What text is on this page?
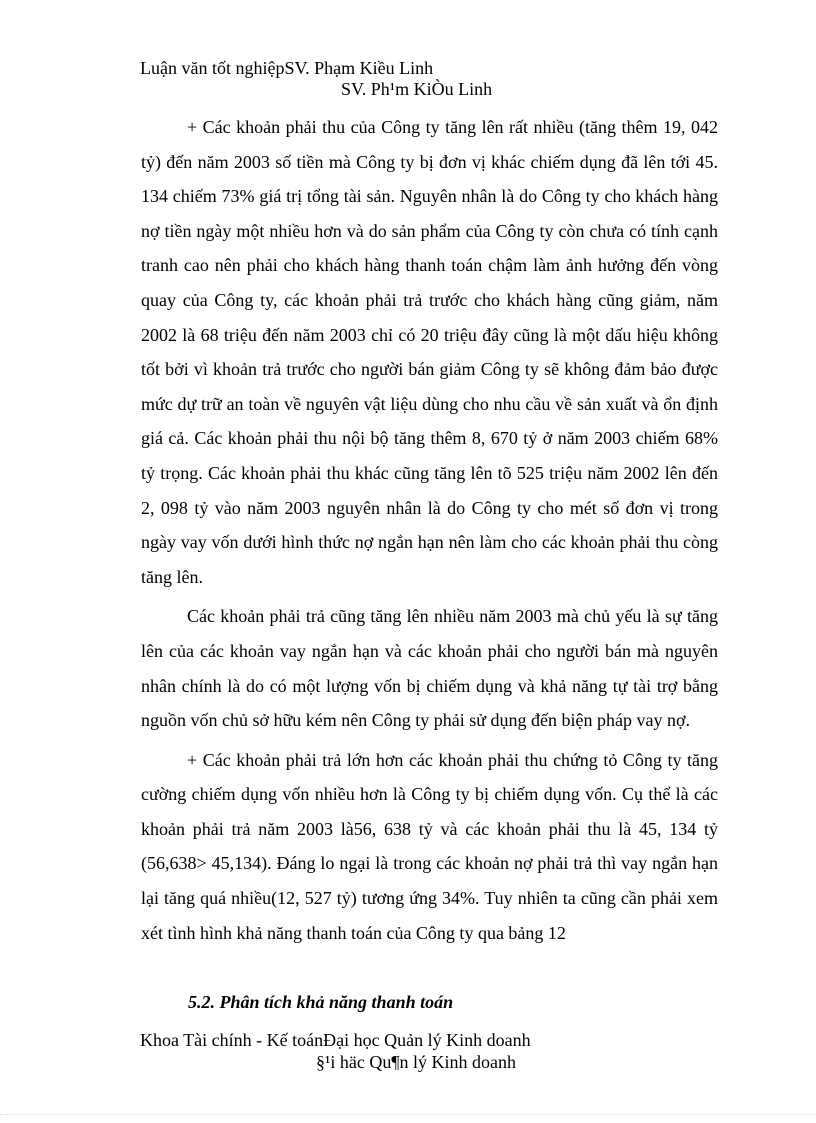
Luận văn tốt nghiệpSV. Phạm Kiều Linh
SV. Ph¹m KiÒu Linh

+ Các khoản phải thu của Công ty tăng lên rất nhiều (tăng thêm 19, 042 tỷ) đến năm 2003 số tiền mà Công ty bị đơn vị khác chiếm dụng đã lên tới 45. 134 chiếm 73% giá trị tổng tài sản. Nguyên nhân là do Công ty cho khách hàng nợ tiền ngày một nhiều hơn và do sản phẩm của Công ty còn chưa có tính cạnh tranh cao nên phải cho khách hàng thanh toán chậm làm ảnh hưởng đến vòng quay của Công ty, các khoản phải trả trước cho khách hàng cũng giảm, năm 2002 là 68 triệu đến năm 2003 chỉ có 20 triệu đây cũng là một dấu hiệu không tốt bởi vì khoản trả trước cho người bán giảm Công ty sẽ không đảm bảo được mức dự trữ an toàn về nguyên vật liệu dùng cho nhu cầu về sản xuất và ổn định giá cả. Các khoản phải thu nội bộ tăng thêm 8, 670 tỷ ở năm 2003 chiếm 68% tỷ trọng. Các khoản phải thu khác cũng tăng lên tõ 525 triệu năm 2002 lên đến 2, 098 tỷ vào năm 2003 nguyên nhân là do Công ty cho mét số đơn vị trong ngày vay vốn dưới hình thức nợ ngắn hạn nên làm cho các khoản phải thu còng tăng lên.

Các khoản phải trả cũng tăng lên nhiều năm 2003 mà chủ yếu là sự tăng lên của các khoản vay ngắn hạn và các khoản phải cho người bán mà nguyên nhân chính là do có một lượng vốn bị chiếm dụng và khả năng tự tài trợ bằng nguồn vốn chủ sở hữu kém nên Công ty phải sử dụng đến biện pháp vay nợ.

+ Các khoản phải trả lớn hơn các khoản phải thu chứng tỏ Công ty tăng cường chiếm dụng vốn nhiều hơn là Công ty bị chiếm dụng vốn. Cụ thể là các khoản phải trả năm 2003 là56, 638 tỷ và các khoản phải thu là 45, 134 tỷ (56,638> 45,134). Đáng lo ngại là trong các khoản nợ phải trả thì vay ngắn hạn lại tăng quá nhiều(12, 527 tỷ) tương ứng 34%. Tuy nhiên ta cũng cần phải xem xét tình hình khả năng thanh toán của Công ty qua bảng 12

5.2. Phân tích khả năng thanh toán
Khoa Tài chính - Kế toánĐại học Quản lý Kinh doanh
§¹i häc Qu¶n lý Kinh doanh
